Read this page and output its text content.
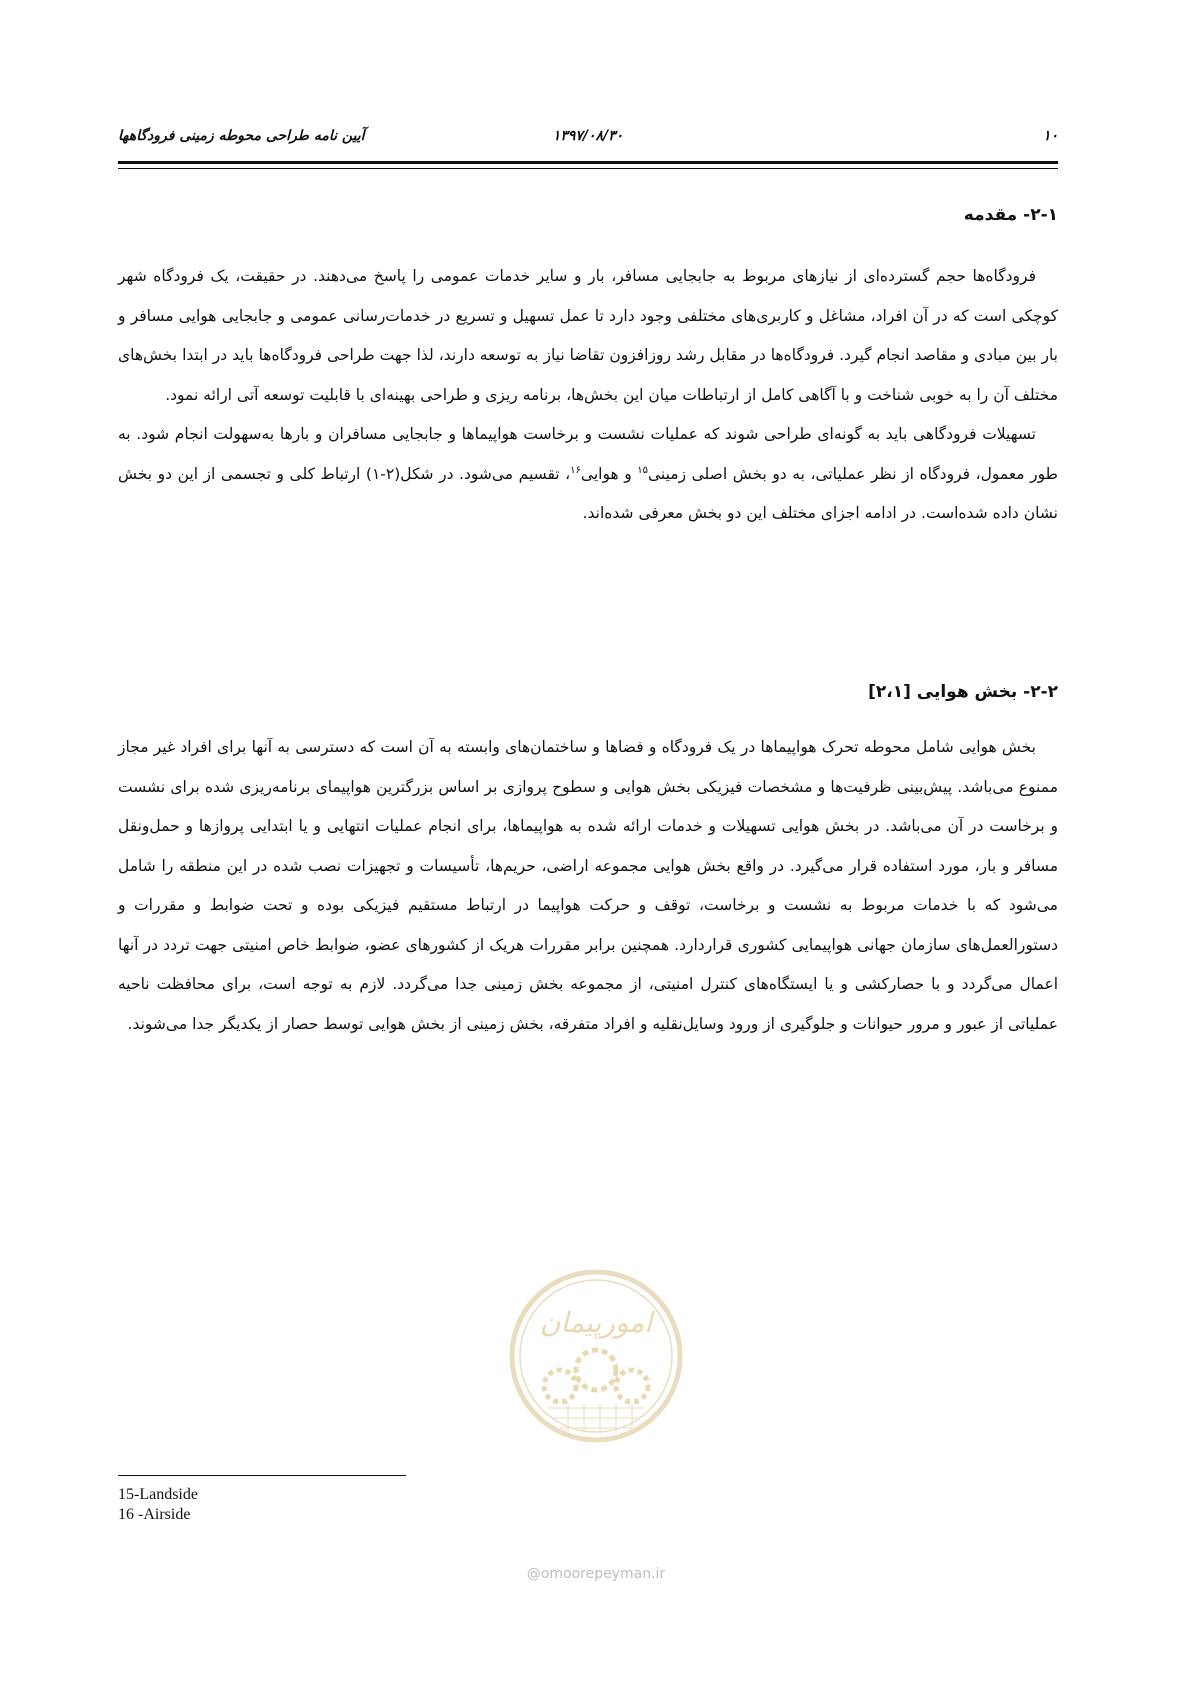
آیین نامه طراحی محوطه زمینی فرودگاهها	۱۳۹۷/۰۸/۳۰	۱۰
۲-۱- مقدمه

فرودگاه‌ها حجم گسترده‌ای از نیازهای مربوط به جابجایی مسافر، بار و سایر خدمات عمومی را پاسخ می‌دهند. در حقیقت، یک فرودگاه شهر کوچکی است که در آن افراد، مشاغل و کاربری‌های مختلفی وجود دارد تا عمل تسهیل و تسریع در خدمات‌رسانی عمومی و جابجایی هوایی مسافر و بار بین مبادی و مقاصد انجام گیرد. فرودگاه‌ها در مقابل رشد روزافزون تقاضا نیاز به توسعه دارند، لذا جهت طراحی فرودگاه‌ها باید در ابتدا بخش‌های مختلف آن را به خوبی شناخت و با آگاهی کامل از ارتباطات میان این بخش‌ها، برنامه ریزی و طراحی بهینه‌ای با قابلیت توسعه آتی ارائه نمود.

تسهیلات فرودگاهی باید به گونه‌ای طراحی شوند که عملیات نشست و برخاست هواپیماها و جابجایی مسافران و بارها به‌سهولت انجام شود. به طور معمول، فرودگاه از نظر عملیاتی، به دو بخش اصلی زمینی$^{۱۵}$ و هوایی$^{۱۶}$، تقسیم می‌شود. در شکل(۲-۱) ارتباط کلی و تجسمی از این دو بخش نشان داده شده‌است. در ادامه اجزای مختلف این دو بخش معرفی شده‌اند.

۲-۲- بخش هوایی [۲،۱]

بخش هوایی شامل محوطه تحرک هواپیماها در یک فرودگاه و فضاها و ساختمان‌های وابسته به آن است که دسترسی به آنها برای افراد غیر مجاز ممنوع می‌باشد. پیش‌بینی ظرفیت‌ها و مشخصات فیزیکی بخش هوایی و سطوح پروازی بر اساس بزرگترین هواپیمای برنامه‌ریزی شده برای نشست و برخاست در آن می‌باشد. در بخش هوایی تسهیلات و خدمات ارائه شده به هواپیماها، برای انجام عملیات انتهایی و یا ابتدایی پروازها و حمل‌ونقل مسافر و بار، مورد استفاده قرار می‌گیرد. در واقع بخش هوایی مجموعه اراضی، حریم‌ها، تأسیسات و تجهیزات نصب شده در این منطقه را شامل می‌شود که با خدمات مربوط به نشست و برخاست، توقف و حرکت هواپیما در ارتباط مستقیم فیزیکی بوده و تحت ضوابط و مقررات و دستورالعمل‌های سازمان جهانی هواپیمایی کشوری قراردارد. همچنین برابر مقررات هریک از کشورهای عضو، ضوابط خاص امنیتی جهت تردد در آنها اعمال می‌گردد و با حصارکشی و یا ایستگاه‌های کنترل امنیتی، از مجموعه بخش زمینی جدا می‌گردد. لازم به توجه است، برای محافظت ناحیه عملیاتی از عبور و مرور حیوانات و جلوگیری از ورود وسایل‌نقلیه و افراد متفرقه، بخش زمینی از بخش هوایی توسط حصار از یکدیگر جدا می‌شوند.

امورپیمان
@omoorepeyman.ir
15-Landside
16 -Airside
